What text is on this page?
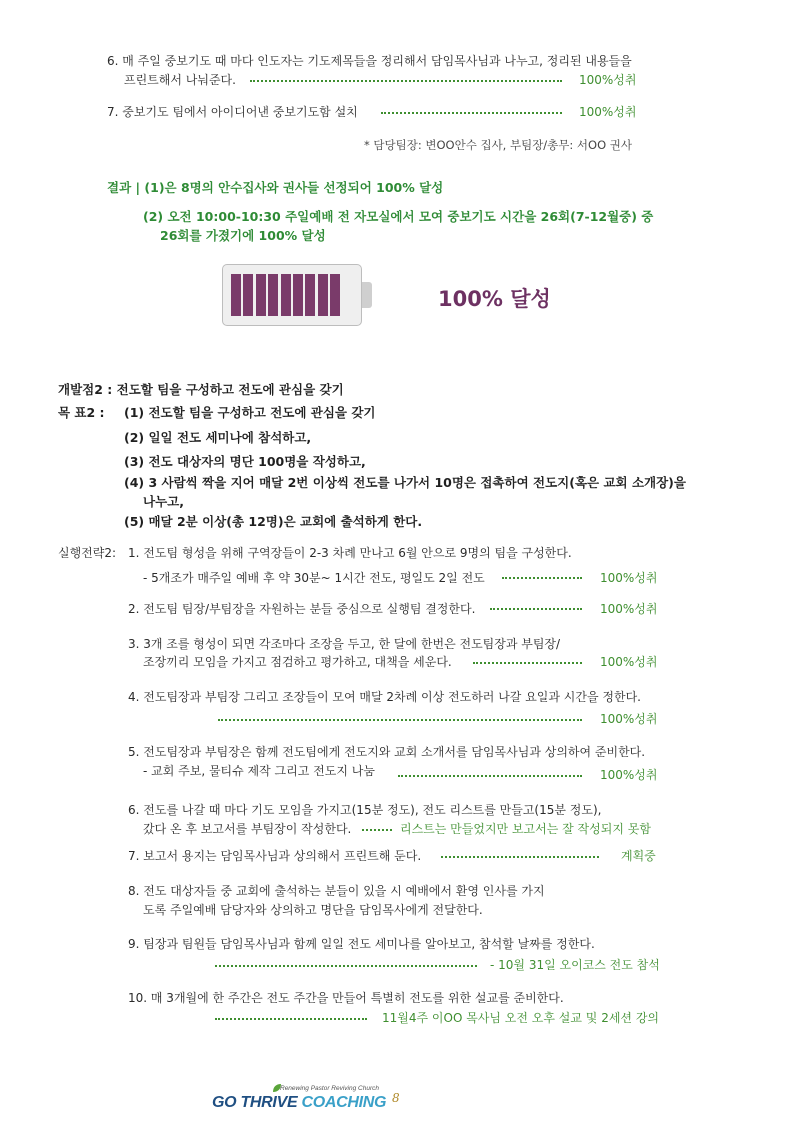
6. 매 주일 중보기도 때 마다 인도자는 기도제목들을 정리해서 담임목사님과 나누고, 정리된 내용들을
프린트해서 나눠준다.	100%성취
7. 중보기도 팀에서 아이디어낸 중보기도함 설치	100%성취
* 담당팀장: 변OO안수 집사, 부팀장/총무: 서OO 권사
결과 | (1)은 8명의 안수집사와 권사들 선정되어 100% 달성
(2) 오전 10:00-10:30 주일예배 전 자모실에서 모여 중보기도 시간을 26회(7-12월중) 중
26회를 가졌기에 100% 달성
100% 달성
개발점2 : 전도할 팀을 구성하고 전도에 관심을 갖기
목 표2 : (1) 전도할 팀을 구성하고 전도에 관심을 갖기
(2) 일일 전도 세미나에 참석하고,
(3) 전도 대상자의 명단 100명을 작성하고,
(4) 3 사람씩 짝을 지어 매달 2번 이상씩 전도를 나가서 10명은 접촉하여 전도지(혹은 교회 소개장)을
나누고,
(5) 매달 2분 이상(총 12명)은 교회에 출석하게 한다.
실행전략2: 1. 전도팀 형성을 위해 구역장들이 2-3 차례 만나고 6월 안으로 9명의 팀을 구성한다.
- 5개조가 매주일 예배 후 약 30분~ 1시간 전도, 평일도 2일 전도	100%성취
2. 전도팀 팀장/부팀장을 자원하는 분들 중심으로 실행팀 결정한다.	100%성취
3. 3개 조를 형성이 되면 각조마다 조장을 두고, 한 달에 한번은 전도팀장과 부팀장/
조장끼리 모임을 가지고 점검하고 평가하고, 대책을 세운다.	100%성취
4. 전도팀장과 부팀장 그리고 조장들이 모여 매달 2차례 이상 전도하러 나갈 요일과 시간을 정한다.
100%성취
5. 전도팀장과 부팀장은 함께 전도팀에게 전도지와 교회 소개서를 담임목사님과 상의하여 준비한다.
- 교회 주보, 물티슈 제작 그리고 전도지 나눔	100%성취
6. 전도를 나갈 때 마다 기도 모임을 가지고(15분 정도), 전도 리스트를 만들고(15분 정도),
갔다 온 후 보고서를 부팀장이 작성한다.	리스트는 만들었지만 보고서는 잘 작성되지 못함
7. 보고서 용지는 담임목사님과 상의해서 프린트해 둔다.	계획중
8. 전도 대상자들 중 교회에 출석하는 분들이 있을 시 예배에서 환영 인사를 가지
도록 주일예배 담당자와 상의하고 명단을 담임목사에게 전달한다.
9. 팀장과 팀원들 담임목사님과 함께 일일 전도 세미나를 알아보고, 참석할 날짜를 정한다.
- 10월 31일 오이코스 전도 참석
10. 매 3개월에 한 주간은 전도 주간을 만들어 특별히 전도를 위한 설교를 준비한다.
11월4주 이OO 목사님 오전 오후 설교 및 2세션 강의
Renewing Pastor Reviving Church
GO THRIVE COACHING 8
